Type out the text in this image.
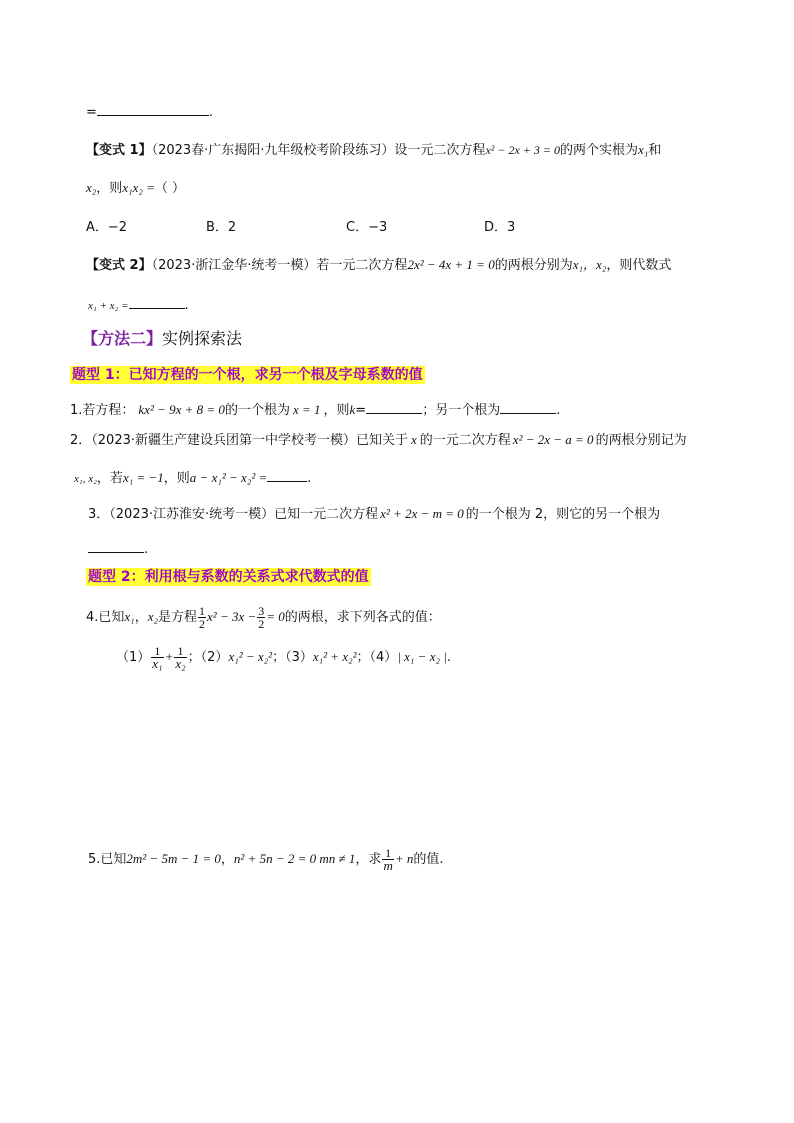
=	.
【变式 1】（2023春·广东揭阳·九年级校考阶段练习）设一元二次方程x² − 2x + 3 = 0的两个实根为x₁和
x₂，则x₁x₂ =（ ）
A．−2	B．2	C．−3	D．3
【变式 2】（2023·浙江金华·统考一模）若一元二次方程2x² − 4x + 1 = 0的两根分别为x₁，x₂，则代数式
x₁ + x₂ =	.
【方法二】实例探索法
题型 1：已知方程的一个根，求另一个根及字母系数的值
1.若方程： kx² − 9x + 8 = 0的一个根为 x = 1 ，则k=	；另一个根为	.
2．（2023·新疆生产建设兵团第一中学校考一模）已知关于 x 的一元二次方程 x² − 2x − a = 0 的两根分别记为
x₁, x₂，若x₁ = −1，则a − x₁² − x₂² =	.
3．（2023·江苏淮安·统考一模）已知一元二次方程 x² + 2x − m = 0 的一个根为 2，则它的另一个根为
.
题型 2：利用根与系数的关系式求代数式的值
4.已知x₁，x₂是方程 $\frac{1}{2} x^2 - 3x - \frac{3}{2} = 0$的两根，求下列各式的值：
$(1) \frac{1}{\text{x₁}} + \frac{1}{\text{x₂}}$ ；（2）x₁² − x₂²；（3）x₁² + x₂²；（4）| x₁ − x₂ |.
5.已知2m² − 5m − 1 = 0，n² + 5n − 2 = 0 mn ≠ 1，求 $\frac{1}{m} + n$的值.
